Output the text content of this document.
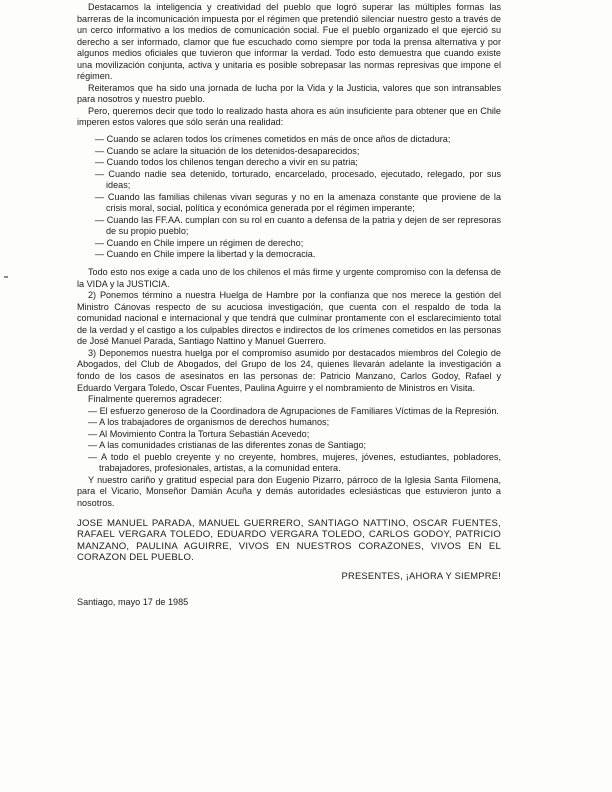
Destacamos la inteligencia y creatividad del pueblo que logró superar las múltiples formas las barreras de la incomunicación impuesta por el régimen que pretendió silenciar nuestro gesto a través de un cerco informativo a los medios de comunicación social. Fue el pueblo organizado el que ejerció su derecho a ser informado, clamor que fue escuchado como siempre por toda la prensa alternativa y por algunos medios oficiales que tuvieron que informar la verdad. Todo esto demuestra que cuando existe una movilización conjunta, activa y unitaria es posible sobrepasar las normas represivas que impone el régimen.

Reiteramos que ha sido una jornada de lucha por la Vida y la Justicia, valores que son intransables para nosotros y nuestro pueblo.

Pero, queremos decir que todo lo realizado hasta ahora es aún insuficiente para obtener que en Chile imperen estos valores que sólo serán una realidad:

— Cuando se aclaren todos los crímenes cometidos en más de once años de dictadura;
— Cuando se aclare la situación de los detenidos-desaparecidos;
— Cuando todos los chilenos tengan derecho a vivir en su patria;
— Cuando nadie sea detenido, torturado, encarcelado, procesado, ejecutado, relegado, por sus ideas;
— Cuando las familias chilenas vivan seguras y no en la amenaza constante que proviene de la crisis moral, social, política y económica generada por el régimen imperante;
— Cuando las FF.AA. cumplan con su rol en cuanto a defensa de la patria y dejen de ser represoras de su propio pueblo;
— Cuando en Chile impere un régimen de derecho;
— Cuando en Chile impere la libertad y la democracia.

Todo esto nos exige a cada uno de los chilenos el más firme y urgente compromiso con la defensa de la VIDA y la JUSTICIA.

2) Ponemos término a nuestra Huelga de Hambre por la confianza que nos merece la gestión del Ministro Cánovas respecto de su acuciosa investigación, que cuenta con el respaldo de toda la comunidad nacional e internacional y que tendrá que culminar prontamente con el esclarecimiento total de la verdad y el castigo a los culpables directos e indirectos de los crímenes cometidos en las personas de José Manuel Parada, Santiago Nattino y Manuel Guerrero.

3) Deponemos nuestra huelga por el compromiso asumido por destacados miembros del Colegio de Abogados, del Club de Abogados, del Grupo de los 24, quienes llevarán adelante la investigación a fondo de los casos de asesinatos en las personas de: Patricio Manzano, Carlos Godoy, Rafael y Eduardo Vergara Toledo, Oscar Fuentes, Paulina Aguirre y el nombramiento de Ministros en Visita.

Finalmente queremos agradecer:

— El esfuerzo generoso de la Coordinadora de Agrupaciones de Familiares Víctimas de la Represión.
— A los trabajadores de organismos de derechos humanos;
— Al Movimiento Contra la Tortura Sebastián Acevedo;
— A las comunidades cristianas de las diferentes zonas de Santiago;
— A todo el pueblo creyente y no creyente, hombres, mujeres, jóvenes, estudiantes, pobladores, trabajadores, profesionales, artistas, a la comunidad entera.

Y nuestro cariño y gratitud especial para don Eugenio Pizarro, párroco de la Iglesia Santa Filomena, para el Vicario, Monseñor Damián Acuña y demás autoridades eclesiásticas que estuvieron junto a nosotros.

JOSE MANUEL PARADA, MANUEL GUERRERO, SANTIAGO NATTINO, OSCAR FUENTES, RAFAEL VERGARA TOLEDO, EDUARDO VERGARA TOLEDO, CARLOS GODOY, PATRICIO MANZANO, PAULINA AGUIRRE, VIVOS EN NUESTROS CORAZONES, VIVOS EN EL CORAZON DEL PUEBLO.

PRESENTES, ¡AHORA Y SIEMPRE!

Santiago, mayo 17 de 1985
